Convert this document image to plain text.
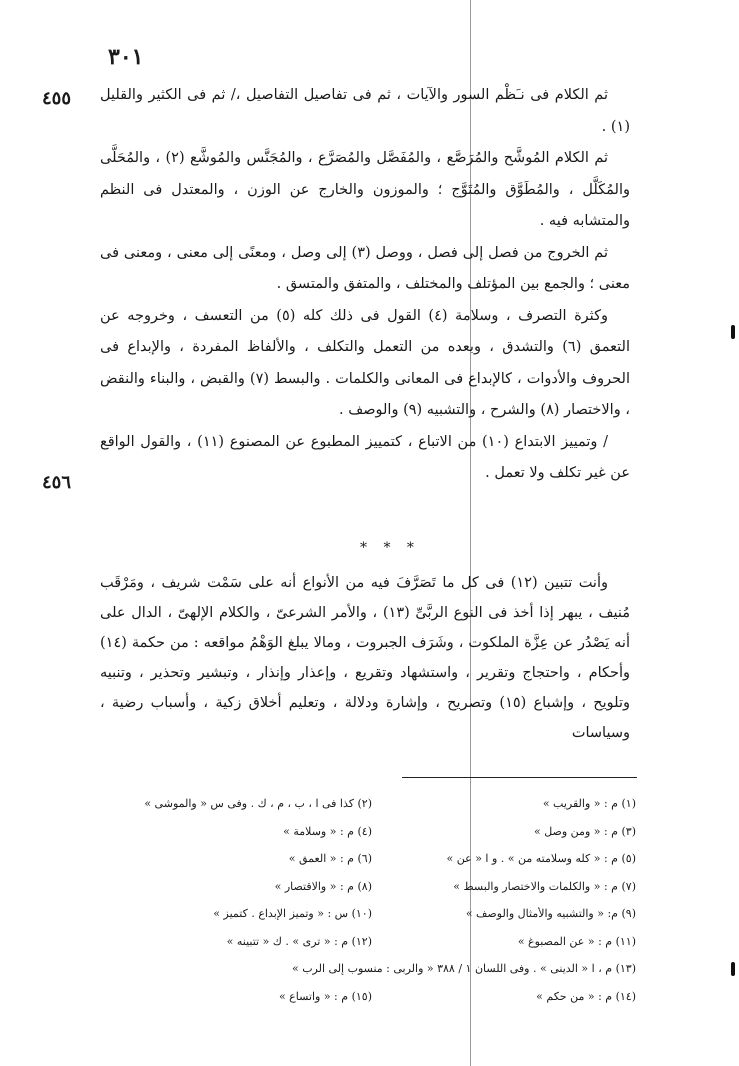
٣٠١
٤٥٥
٤٥٦

ثم الكلام فى نـَظْم السور والآيات ، ثم فى تفاصيل التفاصيل ،/ ثم فى الكثير والقليل (١) .

ثم الكلام المُوشَّح والمُرَصَّع ، والمُفَصَّل والمُصَرَّع ، والمُجَنَّس والمُوشَّع (٢) ، والمُحَلَّى والمُكَلَّل ، والمُطَوَّق والمُتَوَّج ؛ والموزون والخارج عن الوزن ، والمعتدل فى النظم والمتشابه فيه .

ثم الخروج من فصل إلى فصل ، ووصل (٣) إلى وصل ، ومعنًى إلى معنى ، ومعنى فى معنى ؛ والجمع بين المؤتلف والمختلف ، والمتفق والمتسق .

وكثرة التصرف ، وسلامة (٤) القول فى ذلك كله (٥) من التعسف ، وخروجه عن التعمق (٦) والتشدق ، وبعده من التعمل والتكلف ، والألفاظ المفردة ، والإبداع فى الحروف والأدوات ، كالإبداع فى المعانى والكلمات . والبسط (٧) والقبض ، والبناء والنقض ، والاختصار (٨) والشرح ، والتشبيه (٩) والوصف .

/ وتمييز الابتداع (١٠) من الاتباع ، كتمييز المطبوع عن المصنوع (١١) ، والقول الواقع عن غير تكلف ولا تعمل .

* * *

وأنت تتبين (١٢) فى كل ما تَصَرَّفَ فيه من الأنواع أنه على سَمْت شريف ، ومَرْقَب مُنيف ، يبهر إذا أخذ فى النوع الربَّىِّ (١٣) ، والأمر الشرعىّ ، والكلام الإلهىّ ، الدال على أنه يَصْدُر عن عِزَّة الملكوت ، وشَرَف الجبروت ، ومالا يبلغ الوَهْمُ مواقعه : من حكمة (١٤) وأحكام ، واحتجاج وتقرير ، واستشهاد وتقريع ، وإعذار وإنذار ، وتبشير وتحذير ، وتنبيه وتلويح ، وإشباع (١٥) وتصريح ، وإشارة ودلالة ، وتعليم أخلاق زكية ، وأسباب رضية ، وسياسات

(١) م : « والقريب »
(٢) كذا فى ا ، ب ، م ، ك . وفى س « والموشى »
(٣) م : « ومن وصل »
(٤) م : « وسلامة »
(٥) م : « كله وسلامته من » . و ا « عن »
(٦) م : « العمق »
(٧) م : « والكلمات والاختصار والبسط »
(٨) م : « والاقتصار »
(٩) م: « والتشبيه والأمثال والوصف »
(١٠) س : « وتميز الإبداع . كتميز »
(١١) م : « عن المصبوغ »
(١٢) م : « ترى » . ك « تتبينه »
(١٣) م ، ا « الدينى » . وفى اللسان ١ / ٣٨٨ « والربى : منسوب إلى الرب »
(١٤) م : « من حكم »
(١٥) م : « واتساع »
